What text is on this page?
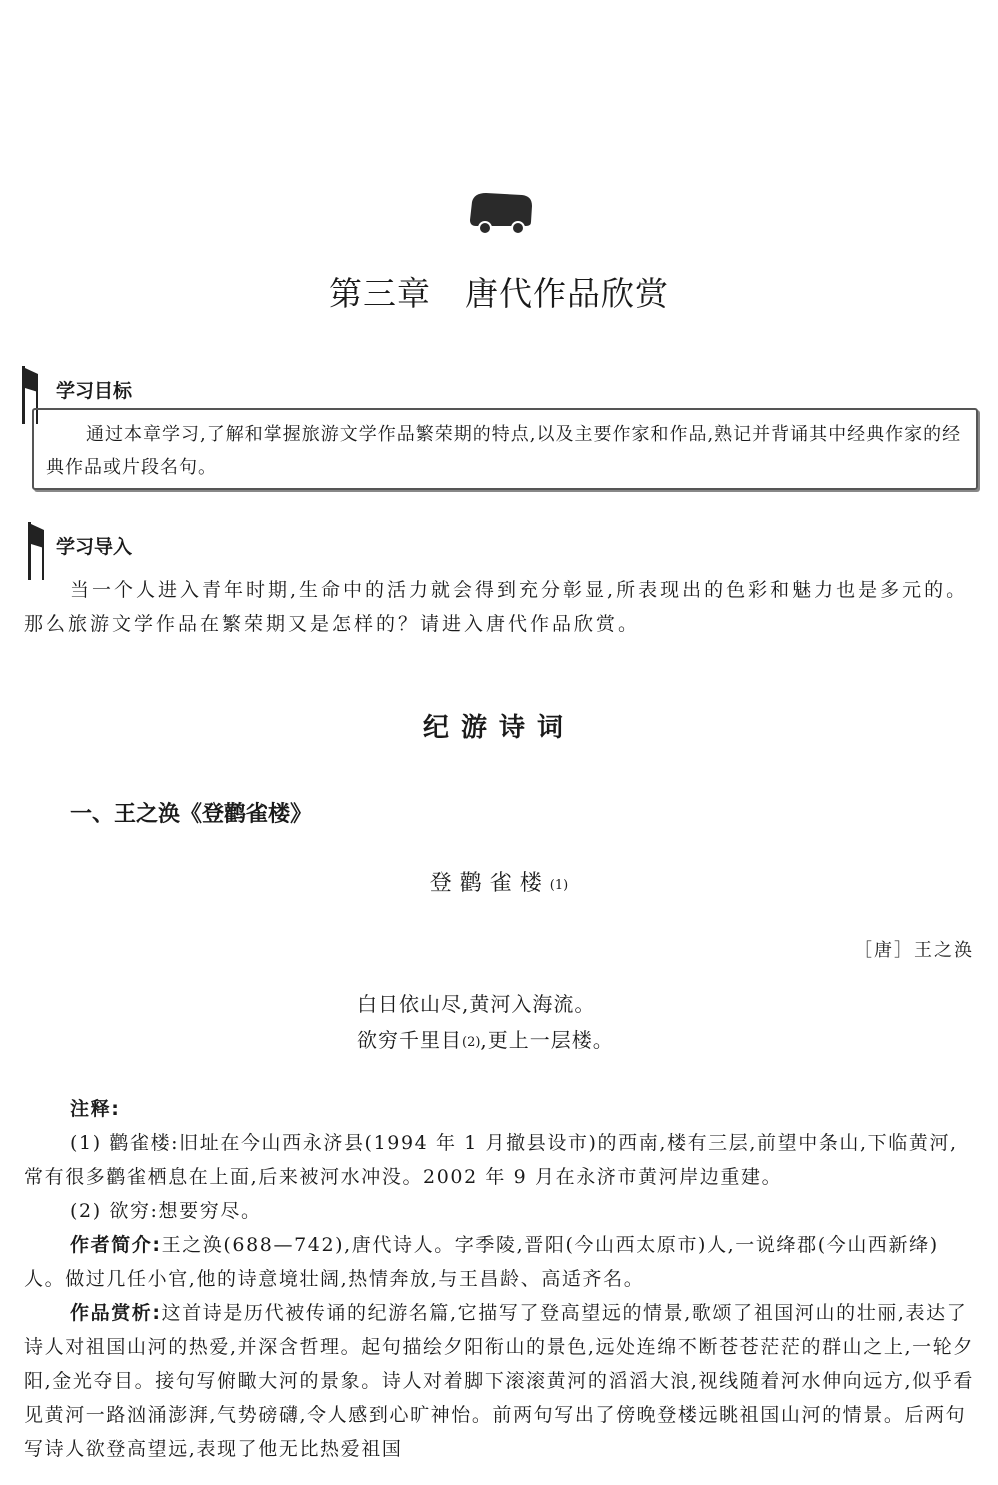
第三章　唐代作品欣赏
学习目标
通过本章学习,了解和掌握旅游文学作品繁荣期的特点,以及主要作家和作品,熟记并背诵其中经典作家的经典作品或片段名句。
学习导入
当一个人进入青年时期,生命中的活力就会得到充分彰显,所表现出的色彩和魅力也是多元的。那么旅游文学作品在繁荣期又是怎样的？请进入唐代作品欣赏。
纪游诗词
一、王之涣《登鹳雀楼》
登鹳雀楼$^{(1)}$
［唐］王之涣
白日依山尽,黄河入海流。
欲穷千里目(2),更上一层楼。
注释:
(1) 鹳雀楼:旧址在今山西永济县(1994 年 1 月撤县设市)的西南,楼有三层,前望中条山,下临黄河,常有很多鹳雀栖息在上面,后来被河水冲没。2002 年 9 月在永济市黄河岸边重建。
(2) 欲穷:想要穷尽。
作者简介:王之涣(688—742),唐代诗人。字季陵,晋阳(今山西太原市)人,一说绛郡(今山西新绛)人。做过几任小官,他的诗意境壮阔,热情奔放,与王昌龄、高适齐名。
作品赏析:这首诗是历代被传诵的纪游名篇,它描写了登高望远的情景,歌颂了祖国河山的壮丽,表达了诗人对祖国山河的热爱,并深含哲理。起句描绘夕阳衔山的景色,远处连绵不断苍苍茫茫的群山之上,一轮夕阳,金光夺目。接句写俯瞰大河的景象。诗人对着脚下滚滚黄河的滔滔大浪,视线随着河水伸向远方,似乎看见黄河一路汹涌澎湃,气势磅礴,令人感到心旷神怡。前两句写出了傍晚登楼远眺祖国山河的情景。后两句写诗人欲登高望远,表现了他无比热爱祖国
